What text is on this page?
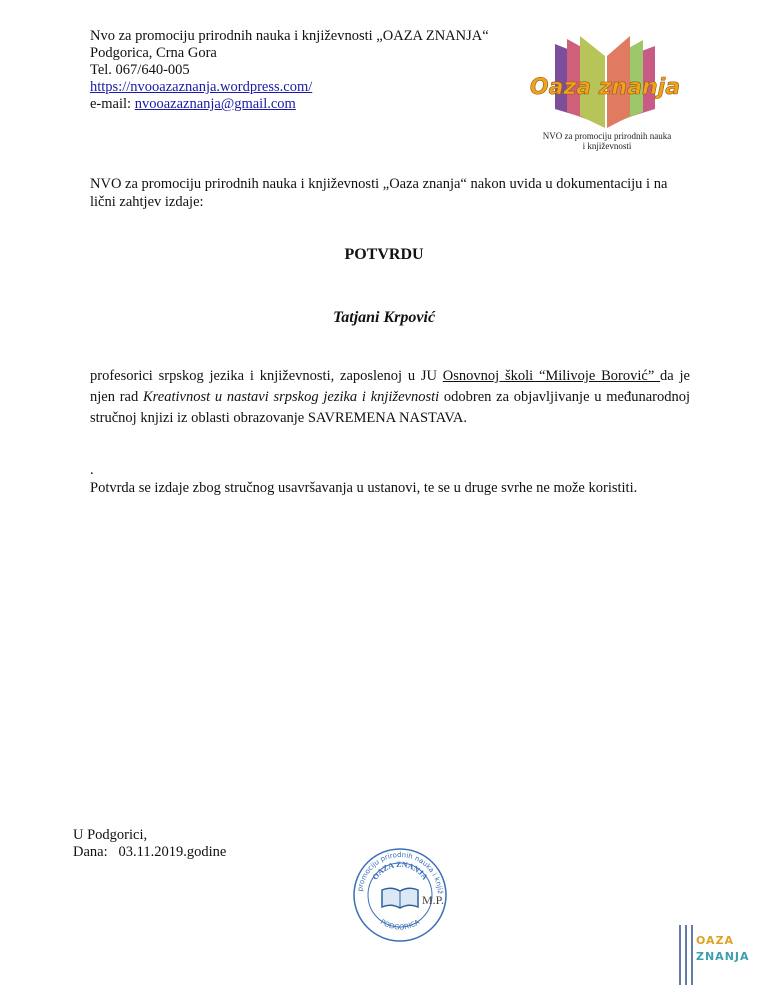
Nvo za promociju prirodnih nauka i književnosti „OAZA ZNANJA“
Podgorica, Crna Gora
Tel. 067/640-005
https://nvooazaznanja.wordpress.com/
e-mail: nvooazaznanja@gmail.com
Oaza znanja
NVO za promociju prirodnih nauka
i književnosti
NVO za promociju prirodnih nauka i književnosti „Oaza znanja“ nakon uvida u dokumentaciju i na lični zahtjev izdaje:
POTVRDU
Tatjani Krpović
profesorici srpskog jezika i književnosti, zaposlenoj u JU Osnovnoj školi “Milivoje Borović” da je njen rad Kreativnost u nastavi srpskog jezika i književnosti odobren za objavljivanje u međunarodnoj stručnoj knjizi iz oblasti obrazovanje SAVREMENA NASTAVA.
.
Potvrda se izdaje zbog stručnog usavršavanja u ustanovi, te se u druge svrhe ne može koristiti.
U Podgorici,
Dana: 03.11.2019.godine
promociju prirodnih nauka i knjiž
OAZA ZNANJA
PODGORICA
M.P.
OAZA
ZNANJA
